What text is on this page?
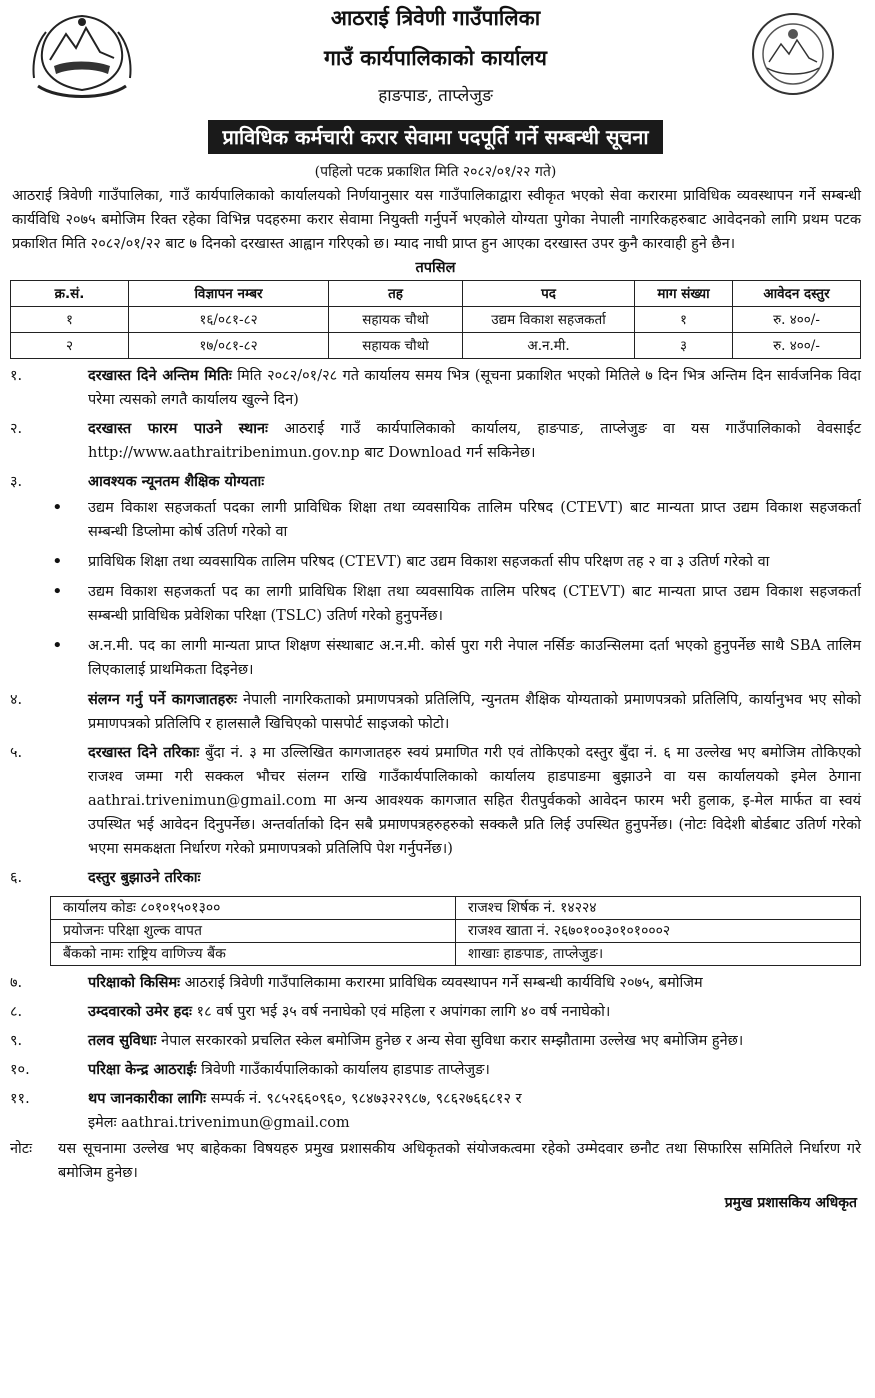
आठराई त्रिवेणी गाउँपालिका
गाउँ कार्यपालिकाको कार्यालय
हाङपाङ, ताप्लेजुङ
प्राविधिक कर्मचारी करार सेवामा पदपूर्ति गर्ने सम्बन्धी सूचना
(पहिलो पटक प्रकाशित मिति २०८२/०१/२२ गते)

आठराई त्रिवेणी गाउँपालिका, गाउँ कार्यपालिकाको कार्यालयको निर्णयानुसार यस गाउँपालिकाद्वारा स्वीकृत भएको सेवा करारमा प्राविधिक व्यवस्थापन गर्ने सम्बन्धी कार्यविधि २०७५ बमोजिम रिक्त रहेका विभिन्न पदहरुमा करार सेवामा नियुक्ती गर्नुपर्ने भएकोले योग्यता पुगेका नेपाली नागरिकहरुबाट आवेदनको लागि प्रथम पटक प्रकाशित मिति २०८२/०१/२२ बाट ७ दिनको दरखास्त आह्वान गरिएको छ। म्याद नाघी प्राप्त हुन आएका दरखास्त उपर कुनै कारवाही हुने छैन।

तपसिल
क्र.सं.	विज्ञापन नम्बर	तह	पद	माग संख्या	आवेदन दस्तुर
१	१६/०८१-८२	सहायक चौथो	उद्यम विकाश सहजकर्ता	१	रु. ४००/-
२	१७/०८१-८२	सहायक चौथो	अ.न.मी.	३	रु. ४००/-
१.	दरखास्त दिने अन्तिम मितिः मिति २०८२/०१/२८ गते कार्यालय समय भित्र (सूचना प्रकाशित भएको मितिले ७ दिन भित्र अन्तिम दिन सार्वजनिक विदा परेमा त्यसको लगतै कार्यालय खुल्ने दिन)
२.	दरखास्त फारम पाउने स्थानः आठराई गाउँ कार्यपालिकाको कार्यालय, हाङपाङ, ताप्लेजुङ वा यस गाउँपालिकाको वेवसाईट http://www.aathraitribenimun.gov.np बाट Download गर्न सकिनेछ।
३.	आवश्यक न्यूनतम शैक्षिक योग्यताः
• उद्यम विकाश सहजकर्ता पदका लागी प्राविधिक शिक्षा तथा व्यवसायिक तालिम परिषद (CTEVT) बाट मान्यता प्राप्त उद्यम विकाश सहजकर्ता सम्बन्धी डिप्लोमा कोर्ष उतिर्ण गरेको वा
• प्राविधिक शिक्षा तथा व्यवसायिक तालिम परिषद (CTEVT) बाट उद्यम विकाश सहजकर्ता सीप परिक्षण तह २ वा ३ उतिर्ण गरेको वा
• उद्यम विकाश सहजकर्ता पद का लागी प्राविधिक शिक्षा तथा व्यवसायिक तालिम परिषद (CTEVT) बाट मान्यता प्राप्त उद्यम विकाश सहजकर्ता सम्बन्धी प्राविधिक प्रवेशिका परिक्षा (TSLC) उतिर्ण गरेको हुनुपर्नेछ।
• अ.न.मी. पद का लागी मान्यता प्राप्त शिक्षण संस्थाबाट अ.न.मी. कोर्स पुरा गरी नेपाल नर्सिङ काउन्सिलमा दर्ता भएको हुनुपर्नेछ साथै SBA तालिम लिएकालाई प्राथमिकता दिइनेछ।
४.	संलग्न गर्नु पर्ने कागजातहरुः नेपाली नागरिकताको प्रमाणपत्रको प्रतिलिपि, न्युनतम शैक्षिक योग्यताको प्रमाणपत्रको प्रतिलिपि, कार्यानुभव भए सोको प्रमाणपत्रको प्रतिलिपि र हालसालै खिचिएको पासपोर्ट साइजको फोटो।
५.	दरखास्त दिने तरिकाः बुँदा नं. ३ मा उल्लिखित कागजातहरु स्वयं प्रमाणित गरी एवं तोकिएको दस्तुर बुँदा नं. ६ मा उल्लेख भए बमोजिम तोकिएको राजश्व जम्मा गरी सक्कल भौचर संलग्न राखि गाउँकार्यपालिकाको कार्यालय हाडपाङमा बुझाउने वा यस कार्यालयको इमेल ठेगाना aathrai.trivenimun@gmail.com मा अन्य आवश्यक कागजात सहित रीतपुर्वककाे आवेदन फारम भरी हुलाक, इ-मेल मार्फत वा स्वयं उपस्थित भई आवेदन दिनुपर्नेछ। अन्तर्वार्ताको दिन सबै प्रमाणपत्रहरुहरुको सक्कलै प्रति लिई उपस्थित हुनुपर्नेछ। (नोटः विदेशी बोर्डबाट उतिर्ण गरेको भएमा समकक्षता निर्धारण गरेको प्रमाणपत्रको प्रतिलिपि पेश गर्नुपर्नेछ।)
६.	दस्तुर बुझाउने तरिकाः
कार्यालय कोडः ८०१०१५०१३००	राजश्च शिर्षक नं. १४२२४
प्रयोजनः परिक्षा शुल्क वापत	राजश्व खाता नं. २६७०१००३०१०१०००२
बैंकको नामः राष्ट्रिय वाणिज्य बैंक	शाखाः हाङपाङ, ताप्लेजुङ।
७.	परिक्षाको किसिमः आठराई त्रिवेणी गाउँपालिकामा करारमा प्राविधिक व्यवस्थापन गर्ने सम्बन्धी कार्यविधि २०७५, बमोजिम
८.	उम्दवारको उमेर हदः १८ वर्ष पुरा भई ३५ वर्ष ननाघेको एवं महिला र अपांगका लागि ४० वर्ष ननाघेको।
९.	तलव सुविधाः नेपाल सरकारको प्रचलित स्केल बमोजिम हुनेछ र अन्य सेवा सुविधा करार सम्झौतामा उल्लेख भए बमोजिम हुनेछ।
१०.	परिक्षा केन्द्र आठराईः त्रिवेणी गाउँकार्यपालिकाको कार्यालय हाडपाङ ताप्लेजुङ।
११.	थप जानकारीका लागिः सम्पर्क नं. ९८५२६६०९६०, ९८४७३२२९८७, ९८६२७६६८१२ र
इमेलः aathrai.trivenimun@gmail.com
नोटः	यस सूचनामा उल्लेख भए बाहेकका विषयहरु प्रमुख प्रशासकीय अधिकृतको संयोजकत्वमा रहेको उम्मेदवार छनौट तथा सिफारिस समितिले निर्धारण गरे बमोजिम हुनेछ।
प्रमुख प्रशासकिय अधिकृत
